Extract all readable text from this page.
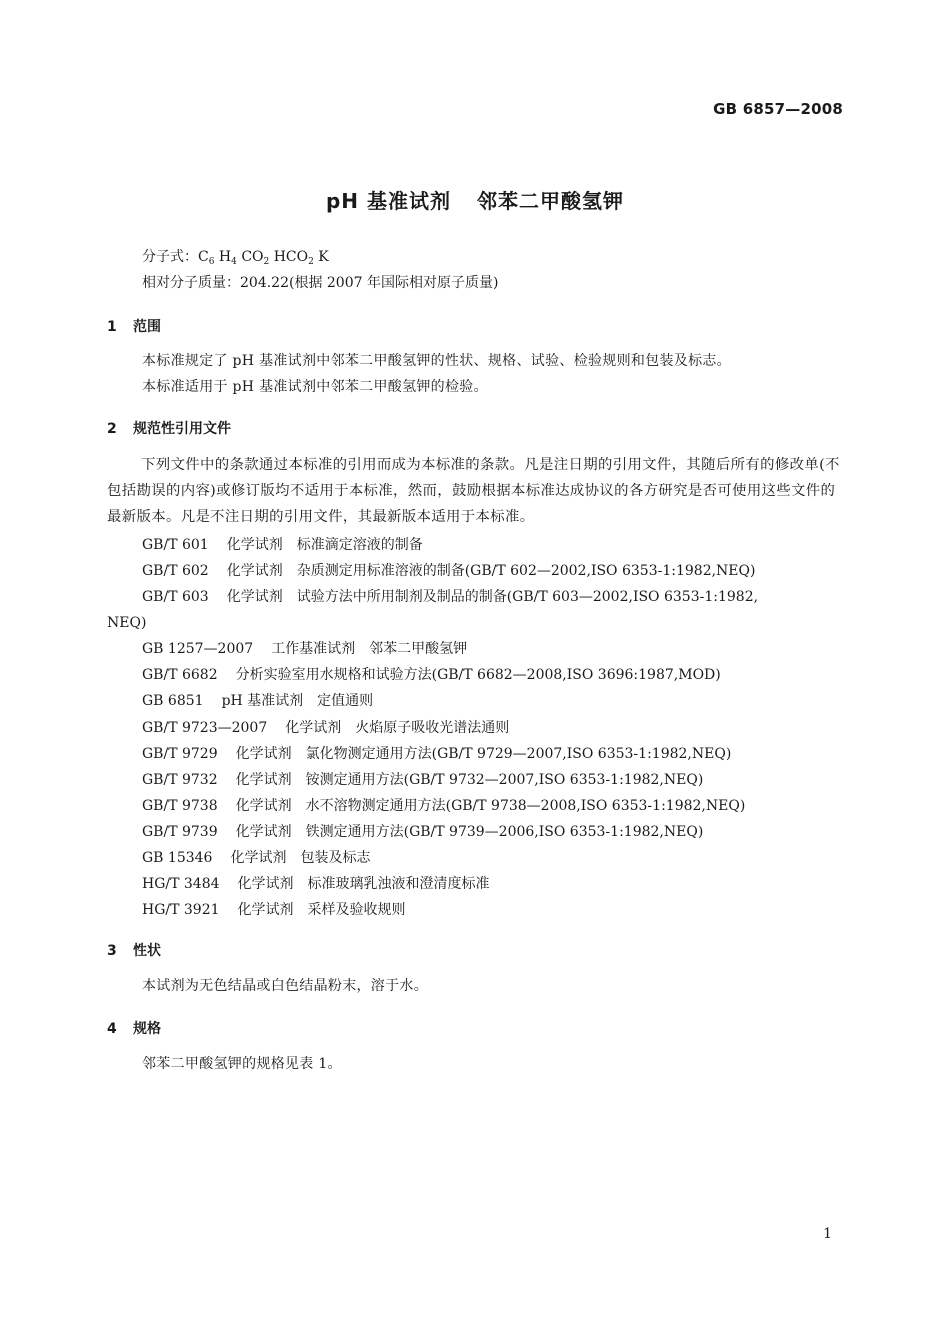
GB 6857—2008
pH 基准试剂 邻苯二甲酸氢钾
分子式：$C_6$ $H_4$ $CO_2$ $HCO_2$ K
相对分子质量：204.22(根据 2007 年国际相对原子质量)
1 范围
本标准规定了 pH 基准试剂中邻苯二甲酸氢钾的性状、规格、试验、检验规则和包装及标志。
本标准适用于 pH 基准试剂中邻苯二甲酸氢钾的检验。
2 规范性引用文件
下列文件中的条款通过本标准的引用而成为本标准的条款。凡是注日期的引用文件，其随后所有的修改单(不包括勘误的内容)或修订版均不适用于本标准，然而，鼓励根据本标准达成协议的各方研究是否可使用这些文件的最新版本。凡是不注日期的引用文件，其最新版本适用于本标准。
GB/T 601 化学试剂　标准滴定溶液的制备
GB/T 602 化学试剂　杂质测定用标准溶液的制备(GB/T 602—2002,ISO 6353-1:1982,NEQ)
GB/T 603 化学试剂　试验方法中所用制剂及制品的制备(GB/T 603—2002,ISO 6353-1:1982,
NEQ)
GB 1257—2007 工作基准试剂　邻苯二甲酸氢钾
GB/T 6682 分析实验室用水规格和试验方法(GB/T 6682—2008,ISO 3696:1987,MOD)
GB 6851 pH 基准试剂　定值通则
GB/T 9723—2007 化学试剂　火焰原子吸收光谱法通则
GB/T 9729 化学试剂　氯化物测定通用方法(GB/T 9729—2007,ISO 6353-1:1982,NEQ)
GB/T 9732 化学试剂　铵测定通用方法(GB/T 9732—2007,ISO 6353-1:1982,NEQ)
GB/T 9738 化学试剂　水不溶物测定通用方法(GB/T 9738—2008,ISO 6353-1:1982,NEQ)
GB/T 9739 化学试剂　铁测定通用方法(GB/T 9739—2006,ISO 6353-1:1982,NEQ)
GB 15346 化学试剂　包装及标志
HG/T 3484 化学试剂　标准玻璃乳浊液和澄清度标准
HG/T 3921 化学试剂　采样及验收规则
3 性状
本试剂为无色结晶或白色结晶粉末，溶于水。
4 规格
邻苯二甲酸氢钾的规格见表 1。
1
